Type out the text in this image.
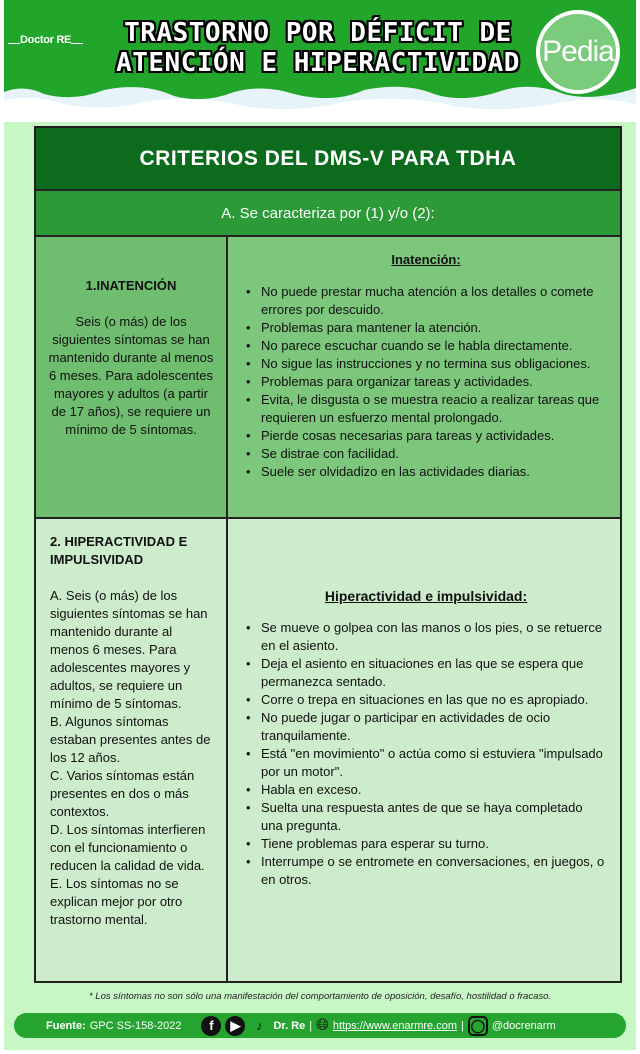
Doctor RE	TRASTORNO POR DÉFICIT DE
ATENCIÓN E HIPERACTIVIDAD Pedia
CRITERIOS DEL DMS-V PARA TDHA
A. Se caracteriza por (1) y/o (2):
1.INATENCIÓN
Seis (o más) de los siguientes síntomas se han mantenido durante al menos 6 meses. Para adolescentes mayores y adultos (a partir de 17 años), se requiere un mínimo de 5 síntomas.
Inatención:
• No puede prestar mucha atención a los detalles o comete errores por descuido.
• Problemas para mantener la atención.
• No parece escuchar cuando se le habla directamente.
• No sigue las instrucciones y no termina sus obligaciones.
• Problemas para organizar tareas y actividades.
• Evita, le disgusta o se muestra reacio a realizar tareas que requieren un esfuerzo mental prolongado.
• Pierde cosas necesarias para tareas y actividades.
• Se distrae con facilidad.
• Suele ser olvidadizo en las actividades diarias.
2. HIPERACTIVIDAD E IMPULSIVIDAD
A. Seis (o más) de los siguientes síntomas se han mantenido durante al menos 6 meses. Para adolescentes mayores y adultos, se requiere un mínimo de 5 síntomas.
B. Algunos síntomas estaban presentes antes de los 12 años.
C. Varios síntomas están presentes en dos o más contextos.
D. Los síntomas interfieren con el funcionamiento o reducen la calidad de vida.
E. Los síntomas no se explican mejor por otro trastorno mental.
Hiperactividad e impulsividad:
• Se mueve o golpea con las manos o los pies, o se retuerce en el asiento.
• Deja el asiento en situaciones en las que se espera que permanezca sentado.
• Corre o trepa en situaciones en las que no es apropiado.
• No puede jugar o participar en actividades de ocio tranquilamente.
• Está "en movimiento" o actúa como si estuviera "impulsado por un motor".
• Habla en exceso.
• Suelta una respuesta antes de que se haya completado una pregunta.
• Tiene problemas para esperar su turno.
• Interrumpe o se entromete en conversaciones, en juegos, o en otros.
* Los síntomas no son sólo una manifestación del comportamiento de oposición, desafío, hostilidad o fracaso.
Fuente: GPC SS-158-2022	f	▶	♪ Dr. Re | 🌐︎ https://www.enarmre.com | ◯ @docrenarm
